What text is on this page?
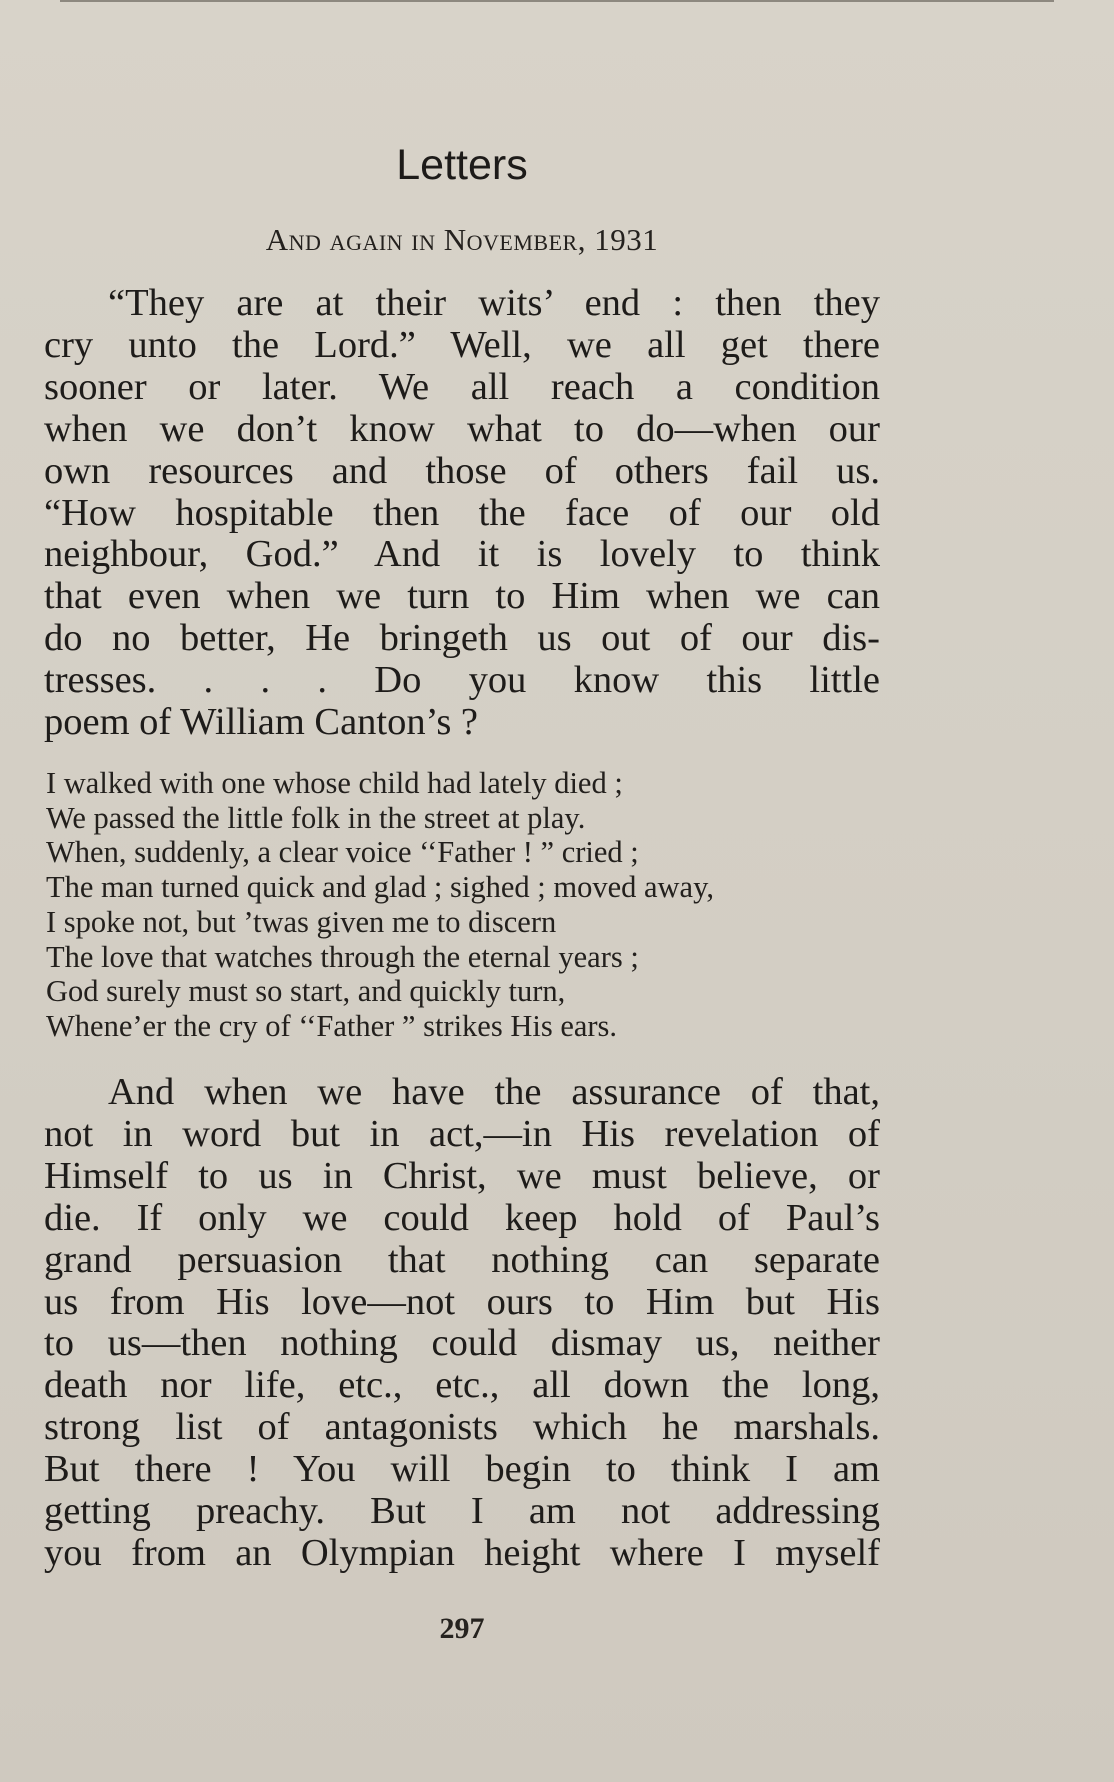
Letters
And again in November, 1931
“They are at their wits’ end : then they
cry unto the Lord.” Well, we all get there
sooner or later. We all reach a condition
when we don’t know what to do—when our
own resources and those of others fail us.
“How hospitable then the face of our old
neighbour, God.” And it is lovely to think
that even when we turn to Him when we can
do no better, He bringeth us out of our dis-
tresses. . . . Do you know this little
poem of William Canton’s ?
I walked with one whose child had lately died ;
We passed the little folk in the street at play.
When, suddenly, a clear voice ‘‘Father ! ” cried ;
The man turned quick and glad ; sighed ; moved away,
I spoke not, but ’twas given me to discern
The love that watches through the eternal years ;
God surely must so start, and quickly turn,
Whene’er the cry of ‘‘Father ” strikes His ears.
And when we have the assurance of that,
not in word but in act,—in His revelation of
Himself to us in Christ, we must believe, or
die. If only we could keep hold of Paul’s
grand persuasion that nothing can separate
us from His love—not ours to Him but His
to us—then nothing could dismay us, neither
death nor life, etc., etc., all down the long,
strong list of antagonists which he marshals.
But there ! You will begin to think I am
getting preachy. But I am not addressing
you from an Olympian height where I myself
297
